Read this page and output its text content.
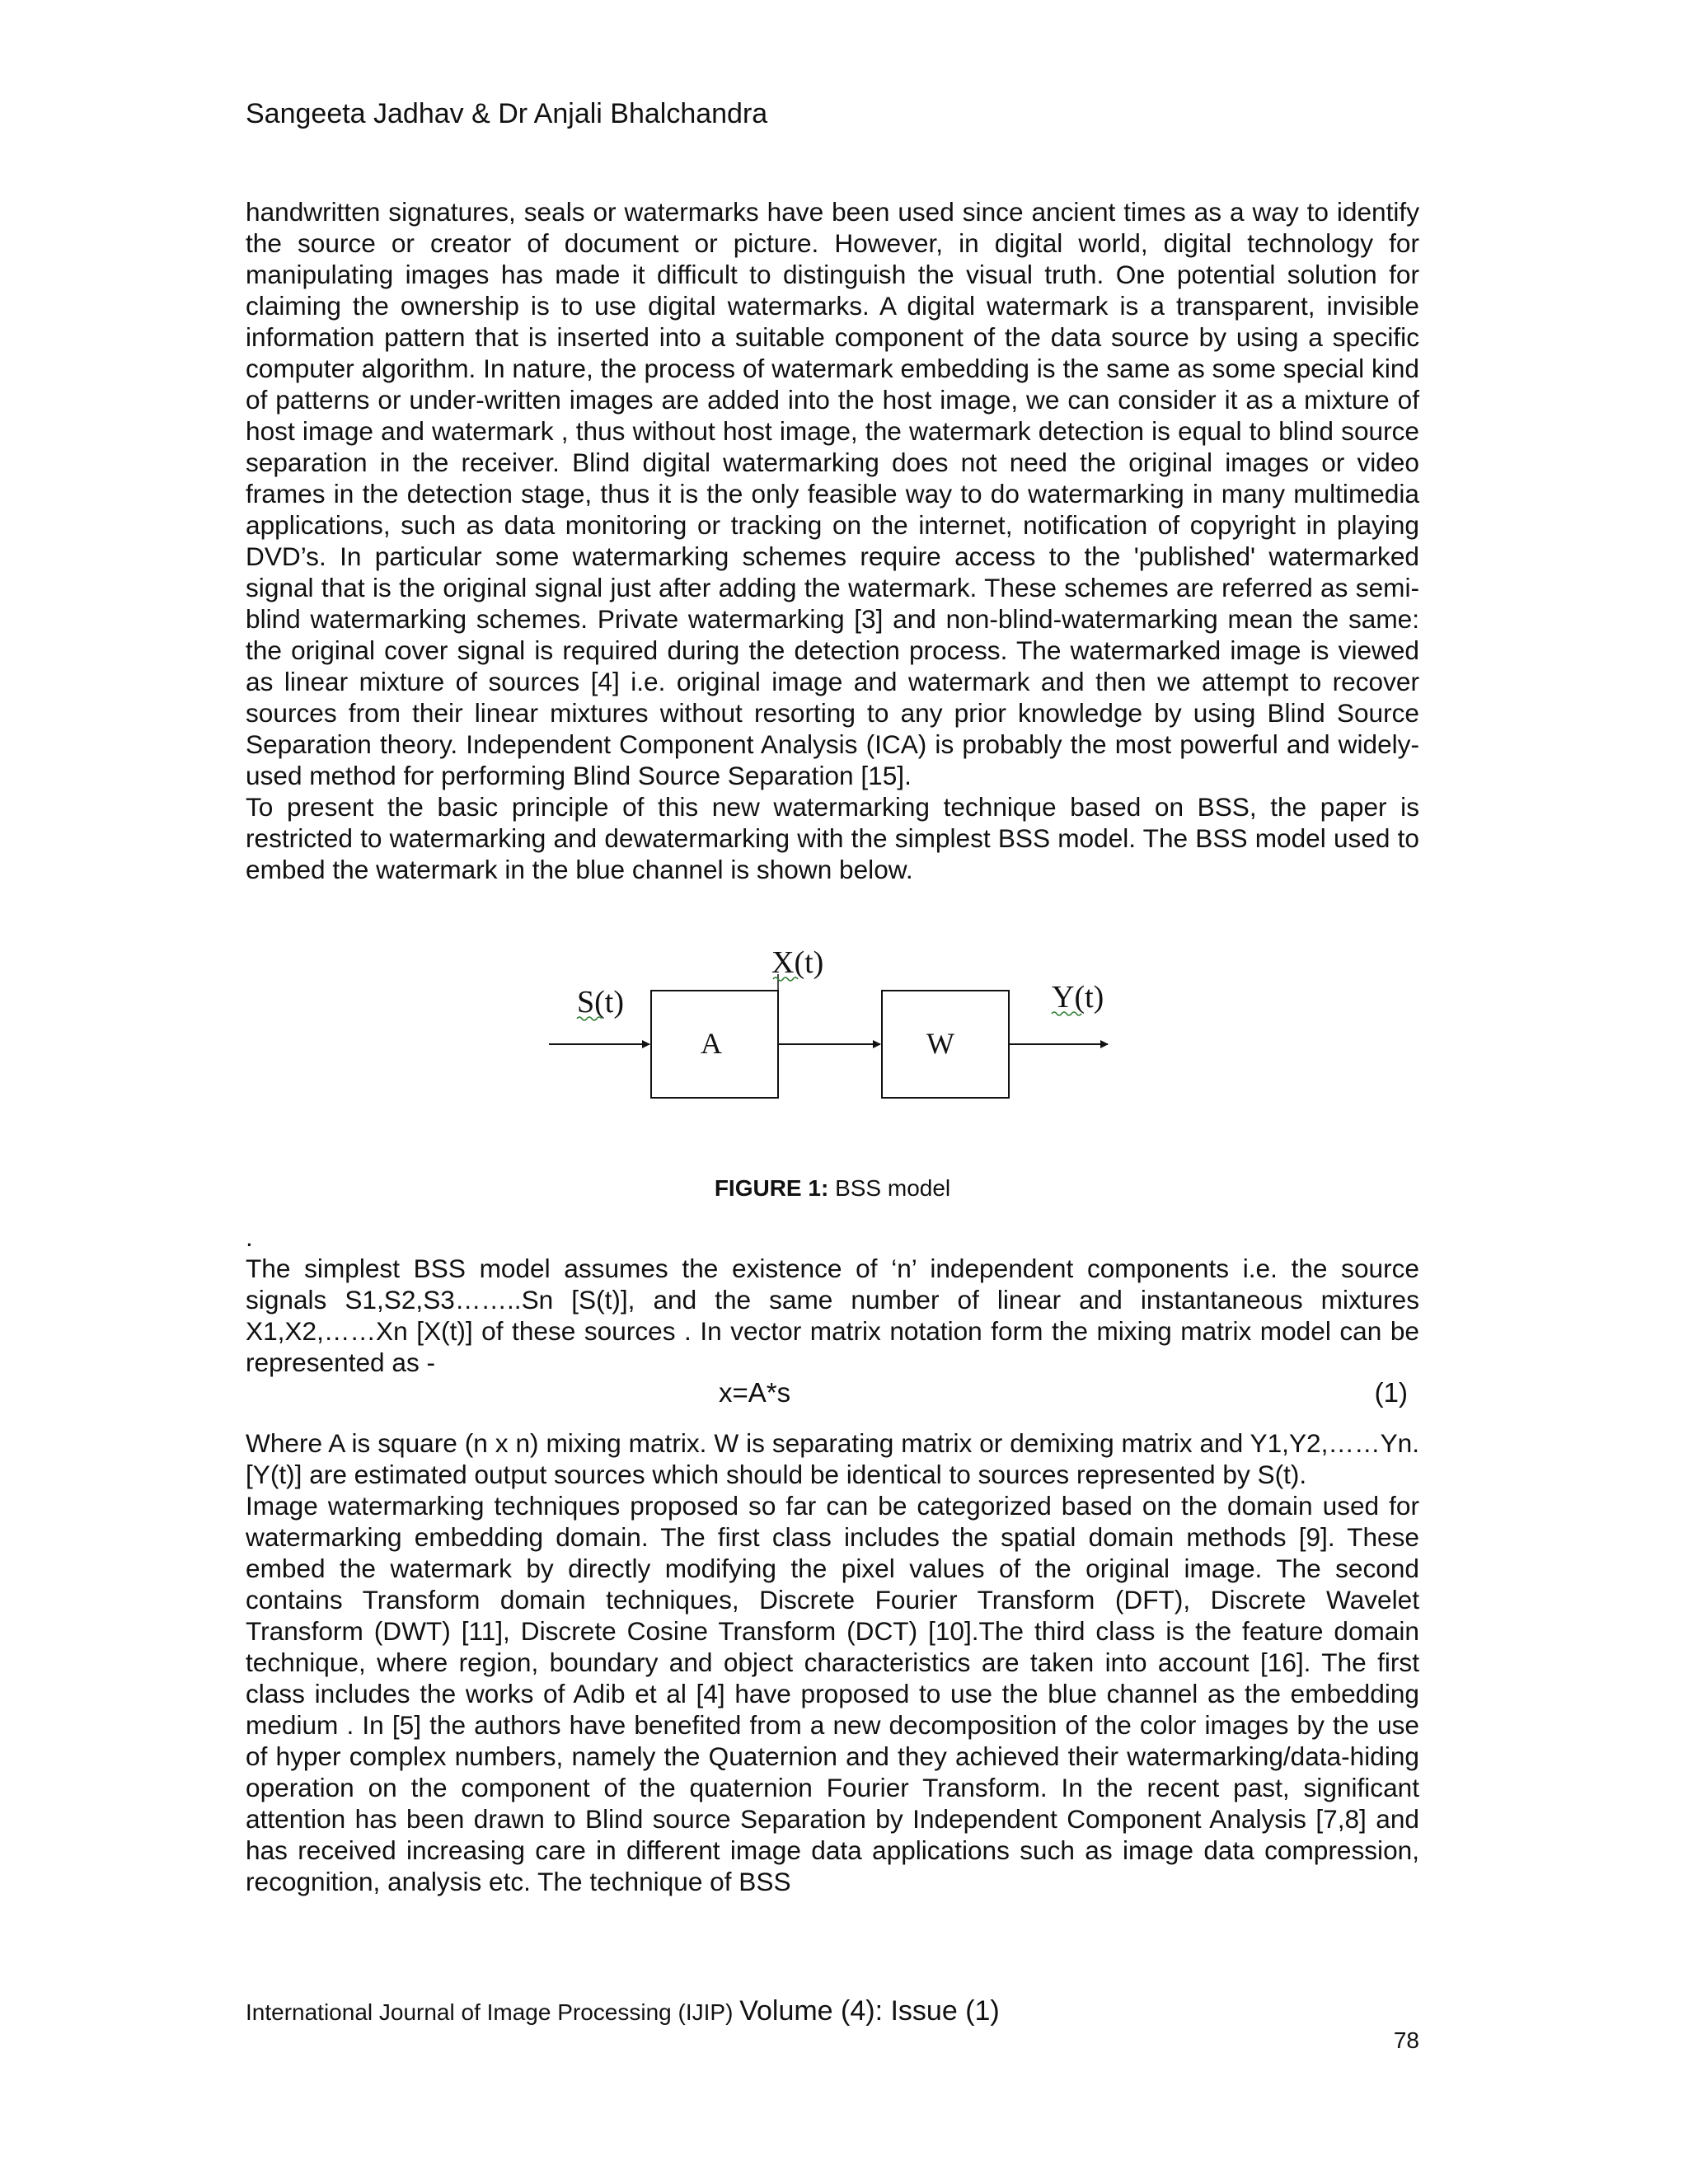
Sangeeta Jadhav & Dr Anjali Bhalchandra

handwritten signatures, seals or watermarks have been used since ancient times as a way to identify the source or creator of document or picture. However, in digital world, digital technology for manipulating images has made it difficult to distinguish the visual truth. One potential solution for claiming the ownership is to use digital watermarks. A digital watermark is a transparent, invisible information pattern that is inserted into a suitable component of the data source by using a specific computer algorithm. In nature, the process of watermark embedding is the same as some special kind of patterns or under-written images are added into the host image, we can consider it as a mixture of host image and watermark , thus without host image, the watermark detection is equal to blind source separation in the receiver. Blind digital watermarking does not need the original images or video frames in the detection stage, thus it is the only feasible way to do watermarking in many multimedia applications, such as data monitoring or tracking on the internet, notification of copyright in playing DVD’s. In particular some watermarking schemes require access to the 'published' watermarked signal that is the original signal just after adding the watermark. These schemes are referred as semi-blind watermarking schemes. Private watermarking [3] and non-blind-watermarking mean the same: the original cover signal is required during the detection process. The watermarked image is viewed as linear mixture of sources [4] i.e. original image and watermark and then we attempt to recover sources from their linear mixtures without resorting to any prior knowledge by using Blind Source Separation theory. Independent Component Analysis (ICA) is probably the most powerful and widely-used method for performing Blind Source Separation [15].

To present the basic principle of this new watermarking technique based on BSS, the paper is restricted to watermarking and dewatermarking with the simplest BSS model. The BSS model used to embed the watermark in the blue channel is shown below.

S(t)
A
X(t)
W
Y(t)
FIGURE 1: BSS model

.

The simplest BSS model assumes the existence of ‘n’ independent components i.e. the source signals S1,S2,S3……..Sn [S(t)], and the same number of linear and instantaneous mixtures X1,X2,……Xn [X(t)] of these sources . In vector matrix notation form the mixing matrix model can be represented as -

x=A*s	(1)

Where A is square (n x n) mixing matrix. W is separating matrix or demixing matrix and Y1,Y2,……Yn.[Y(t)] are estimated output sources which should be identical to sources represented by S(t).

Image watermarking techniques proposed so far can be categorized based on the domain used for watermarking embedding domain. The first class includes the spatial domain methods [9]. These embed the watermark by directly modifying the pixel values of the original image. The second contains Transform domain techniques, Discrete Fourier Transform (DFT), Discrete Wavelet Transform (DWT) [11], Discrete Cosine Transform (DCT) [10].The third class is the feature domain technique, where region, boundary and object characteristics are taken into account [16]. The first class includes the works of Adib et al [4] have proposed to use the blue channel as the embedding medium . In [5] the authors have benefited from a new decomposition of the color images by the use of hyper complex numbers, namely the Quaternion and they achieved their watermarking/data-hiding operation on the component of the quaternion Fourier Transform. In the recent past, significant attention has been drawn to Blind source Separation by Independent Component Analysis [7,8] and has received increasing care in different image data applications such as image data compression, recognition, analysis etc. The technique of BSS

International Journal of Image Processing (IJIP) Volume (4): Issue (1)
78
